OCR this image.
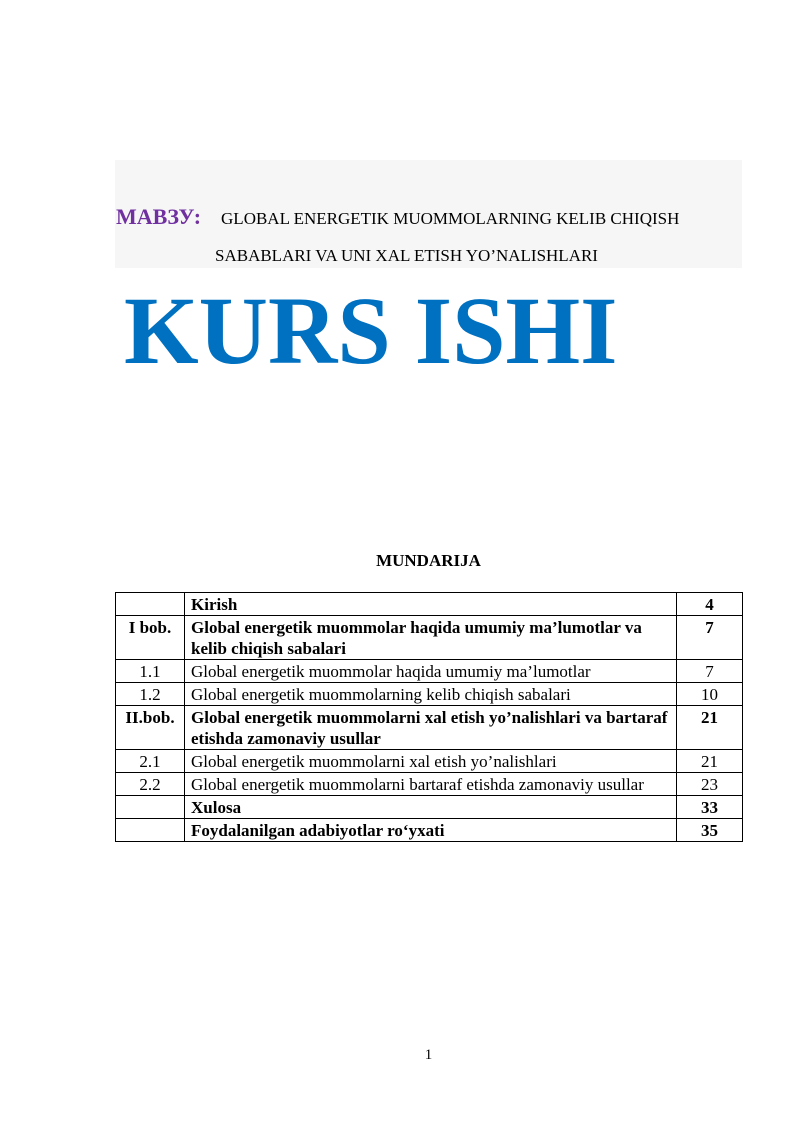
МАВЗУ: GLOBAL ENERGETIK MUOMMOLARNING KELIB CHIQISH
SABABLARI VA UNI XAL ETISH YO’NALISHLARI
KURS ISHI
MUNDARIJA
	Kirish	4
I bob.	Global energetik muommolar haqida umumiy ma’lumotlar va kelib chiqish sabalari	7
1.1	Global energetik muommolar haqida umumiy ma’lumotlar	7
1.2	Global energetik muommolarning kelib chiqish sabalari	10
II.bob.	Global energetik muommolarni xal etish yo’nalishlari va bartaraf etishda zamonaviy usullar	21
2.1	Global energetik muommolarni xal etish yo’nalishlari	21
2.2	Global energetik muommolarni bartaraf etishda zamonaviy usullar	23
	Xulosa	33
	Foydalanilgan adabiyotlar ro‘yxati	35
1
